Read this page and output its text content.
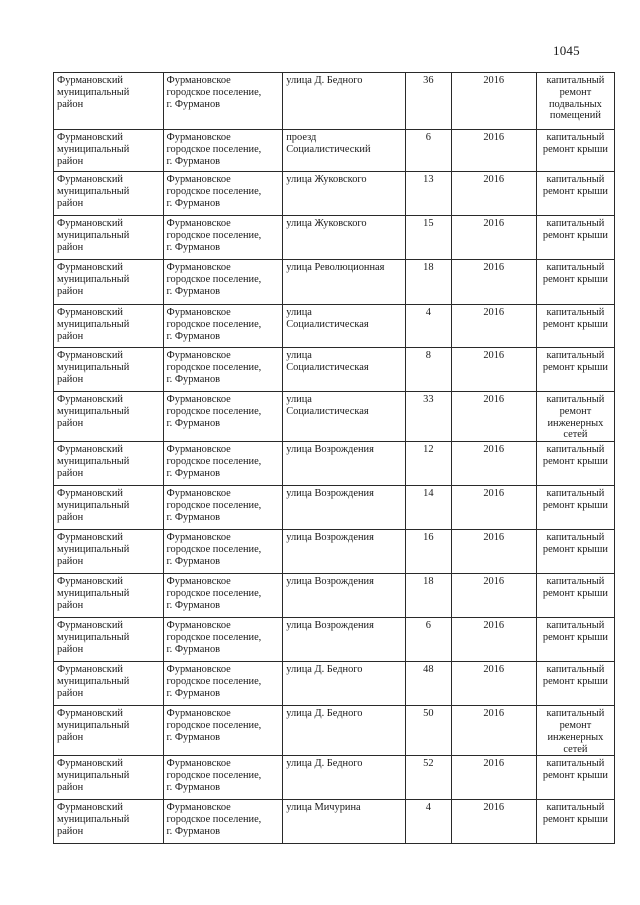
1045
Фурмановский
муниципальный
район	Фурмановское
городское поселение,
г. Фурманов	улица Д. Бедного	36	2016	капитальный
ремонт
подвальных
помещений

Фурмановский
муниципальный
район	Фурмановское
городское поселение,
г. Фурманов	проезд
Социалистический	6	2016	капитальный
ремонт крыши

Фурмановский
муниципальный
район	Фурмановское
городское поселение,
г. Фурманов	улица Жуковского	13	2016	капитальный
ремонт крыши

Фурмановский
муниципальный
район	Фурмановское
городское поселение,
г. Фурманов	улица Жуковского	15	2016	капитальный
ремонт крыши

Фурмановский
муниципальный
район	Фурмановское
городское поселение,
г. Фурманов	улица Революционная	18	2016	капитальный
ремонт крыши

Фурмановский
муниципальный
район	Фурмановское
городское поселение,
г. Фурманов	улица
Социалистическая	4	2016	капитальный
ремонт крыши

Фурмановский
муниципальный
район	Фурмановское
городское поселение,
г. Фурманов	улица
Социалистическая	8	2016	капитальный
ремонт крыши

Фурмановский
муниципальный
район	Фурмановское
городское поселение,
г. Фурманов	улица
Социалистическая	33	2016	капитальный
ремонт
инженерных
сетей

Фурмановский
муниципальный
район	Фурмановское
городское поселение,
г. Фурманов	улица Возрождения	12	2016	капитальный
ремонт крыши

Фурмановский
муниципальный
район	Фурмановское
городское поселение,
г. Фурманов	улица Возрождения	14	2016	капитальный
ремонт крыши

Фурмановский
муниципальный
район	Фурмановское
городское поселение,
г. Фурманов	улица Возрождения	16	2016	капитальный
ремонт крыши

Фурмановский
муниципальный
район	Фурмановское
городское поселение,
г. Фурманов	улица Возрождения	18	2016	капитальный
ремонт крыши

Фурмановский
муниципальный
район	Фурмановское
городское поселение,
г. Фурманов	улица Возрождения	6	2016	капитальный
ремонт крыши

Фурмановский
муниципальный
район	Фурмановское
городское поселение,
г. Фурманов	улица Д. Бедного	48	2016	капитальный
ремонт крыши

Фурмановский
муниципальный
район	Фурмановское
городское поселение,
г. Фурманов	улица Д. Бедного	50	2016	капитальный
ремонт
инженерных
сетей

Фурмановский
муниципальный
район	Фурмановское
городское поселение,
г. Фурманов	улица Д. Бедного	52	2016	капитальный
ремонт крыши

Фурмановский
муниципальный
район	Фурмановское
городское поселение,
г. Фурманов	улица Мичурина	4	2016	капитальный
ремонт крыши
